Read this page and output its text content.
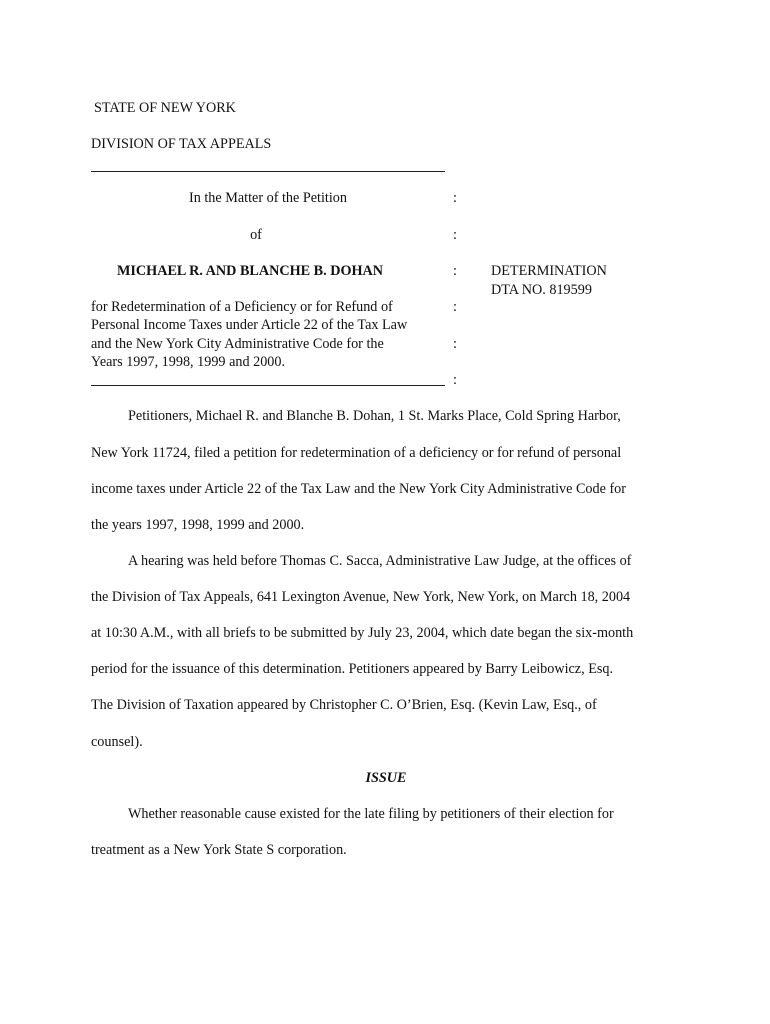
STATE OF NEW YORK
DIVISION OF TAX APPEALS
In the Matter of the Petition
of
MICHAEL R. AND BLANCHE B. DOHAN
for Redetermination of a Deficiency or for Refund of
Personal Income Taxes under Article 22 of the Tax Law
and the New York City Administrative Code for the
Years 1997, 1998, 1999 and 2000.
:
:
:
:
:
:
DETERMINATION
DTA NO. 819599
Petitioners, Michael R. and Blanche B. Dohan, 1 St. Marks Place, Cold Spring Harbor,
New York 11724, filed a petition for redetermination of a deficiency or for refund of personal
income taxes under Article 22 of the Tax Law and the New York City Administrative Code for
the years 1997, 1998, 1999 and 2000.
A hearing was held before Thomas C. Sacca, Administrative Law Judge, at the offices of
the Division of Tax Appeals, 641 Lexington Avenue, New York, New York, on March 18, 2004
at 10:30 A.M., with all briefs to be submitted by July 23, 2004, which date began the six-month
period for the issuance of this determination. Petitioners appeared by Barry Leibowicz, Esq.
The Division of Taxation appeared by Christopher C. O’Brien, Esq. (Kevin Law, Esq., of
counsel).
ISSUE
Whether reasonable cause existed for the late filing by petitioners of their election for
treatment as a New York State S corporation.
